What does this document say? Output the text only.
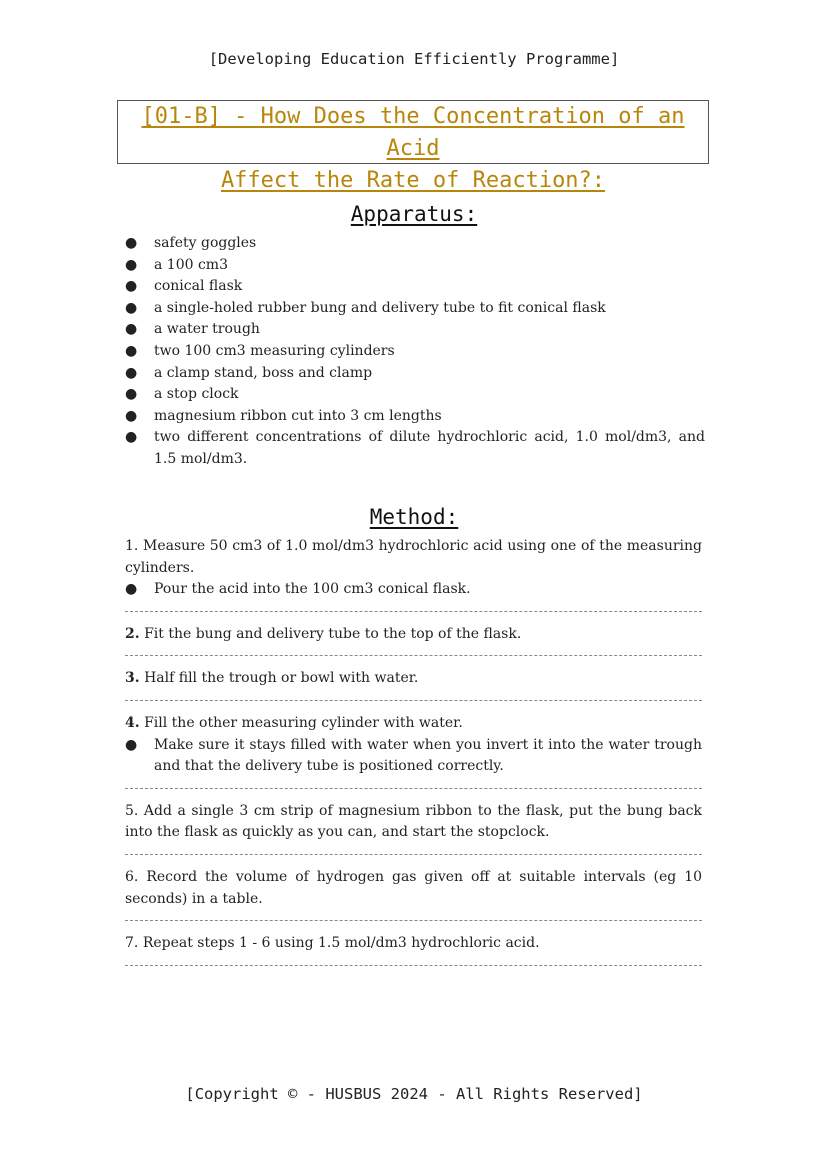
[Developing Education Efficiently Programme]
[01-B] - How Does the Concentration of an Acid
Affect the Rate of Reaction?:
Apparatus:
● safety goggles
● a 100 cm3
● conical flask
● a single-holed rubber bung and delivery tube to fit conical flask
● a water trough
● two 100 cm3 measuring cylinders
● a clamp stand, boss and clamp
● a stop clock
● magnesium ribbon cut into 3 cm lengths
● two different concentrations of dilute hydrochloric acid, 1.0 mol/dm3, and 1.5 mol/dm3.
Method:

1. Measure 50 cm3 of 1.0 mol/dm3 hydrochloric acid using one of the measuring cylinders.

● Pour the acid into the 100 cm3 conical flask.

2. Fit the bung and delivery tube to the top of the flask.

3. Half fill the trough or bowl with water.

4. Fill the other measuring cylinder with water.

● Make sure it stays filled with water when you invert it into the water trough and that the delivery tube is positioned correctly.

5. Add a single 3 cm strip of magnesium ribbon to the flask, put the bung back into the flask as quickly as you can, and start the stopclock.

6. Record the volume of hydrogen gas given off at suitable intervals (eg 10 seconds) in a table.

7. Repeat steps 1 - 6 using 1.5 mol/dm3 hydrochloric acid.

[Copyright © - HUSBUS 2024 - All Rights Reserved]
